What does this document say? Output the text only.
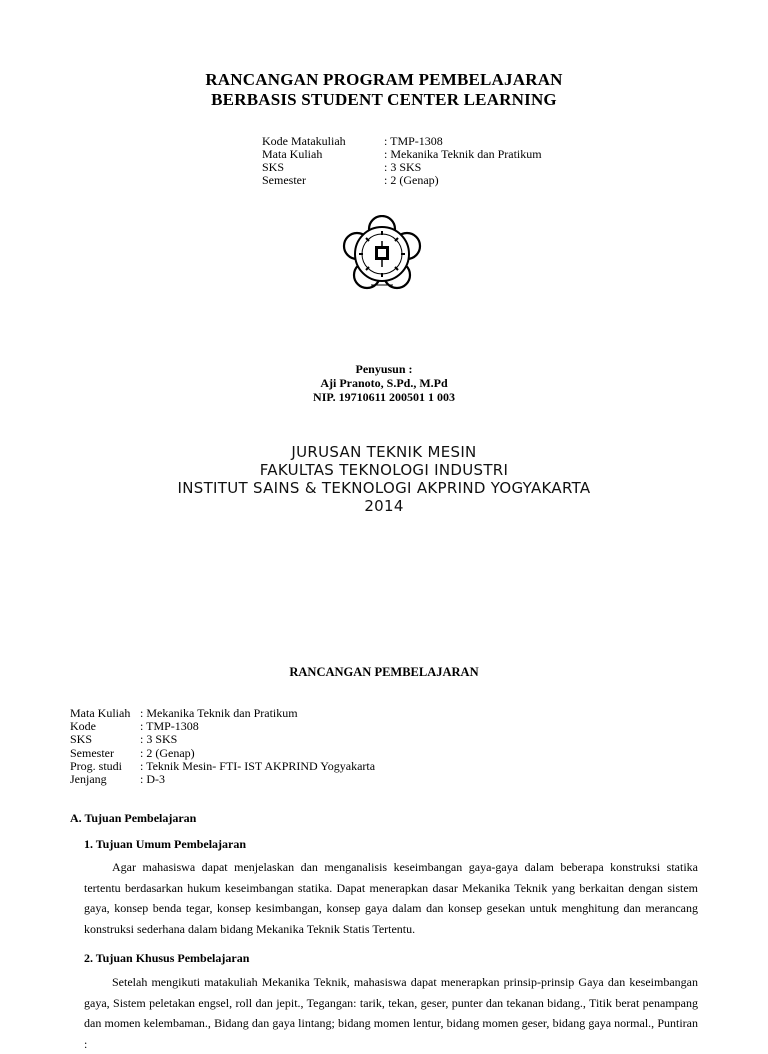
RANCANGAN PROGRAM PEMBELAJARAN
BERBASIS STUDENT CENTER LEARNING
Kode Matakuliah	: TMP-1308
Mata Kuliah	: Mekanika Teknik dan Pratikum
SKS	: 3 SKS
Semester	: 2 (Genap)
Penyusun :
Aji Pranoto, S.Pd., M.Pd
NIP. 19710611 200501 1 003
JURUSAN TEKNIK MESIN
FAKULTAS TEKNOLOGI INDUSTRI
INSTITUT SAINS & TEKNOLOGI AKPRIND YOGYAKARTA
2014
RANCANGAN PEMBELAJARAN
Mata Kuliah : Mekanika Teknik dan Pratikum
Kode	: TMP-1308
SKS	: 3 SKS
Semester	: 2 (Genap)
Prog. studi	: Teknik Mesin- FTI- IST AKPRIND Yogyakarta
Jenjang	: D-3
A. Tujuan Pembelajaran
1. Tujuan Umum Pembelajaran
Agar mahasiswa dapat menjelaskan dan menganalisis keseimbangan gaya-gaya dalam beberapa konstruksi statika tertentu berdasarkan hukum keseimbangan statika. Dapat menerapkan dasar Mekanika Teknik yang berkaitan dengan sistem gaya, konsep benda tegar, konsep kesimbangan, konsep gaya dalam dan konsep gesekan untuk menghitung dan merancang konstruksi sederhana dalam bidang Mekanika Teknik Statis Tertentu.
2. Tujuan Khusus Pembelajaran
Setelah mengikuti matakuliah Mekanika Teknik, mahasiswa dapat menerapkan prinsip-prinsip Gaya dan keseimbangan gaya, Sistem peletakan engsel, roll dan jepit., Tegangan: tarik, tekan, geser, punter dan tekanan bidang., Titik berat penampang dan momen kelembaman., Bidang dan gaya lintang; bidang momen lentur, bidang momen geser, bidang gaya normal., Puntiran :
